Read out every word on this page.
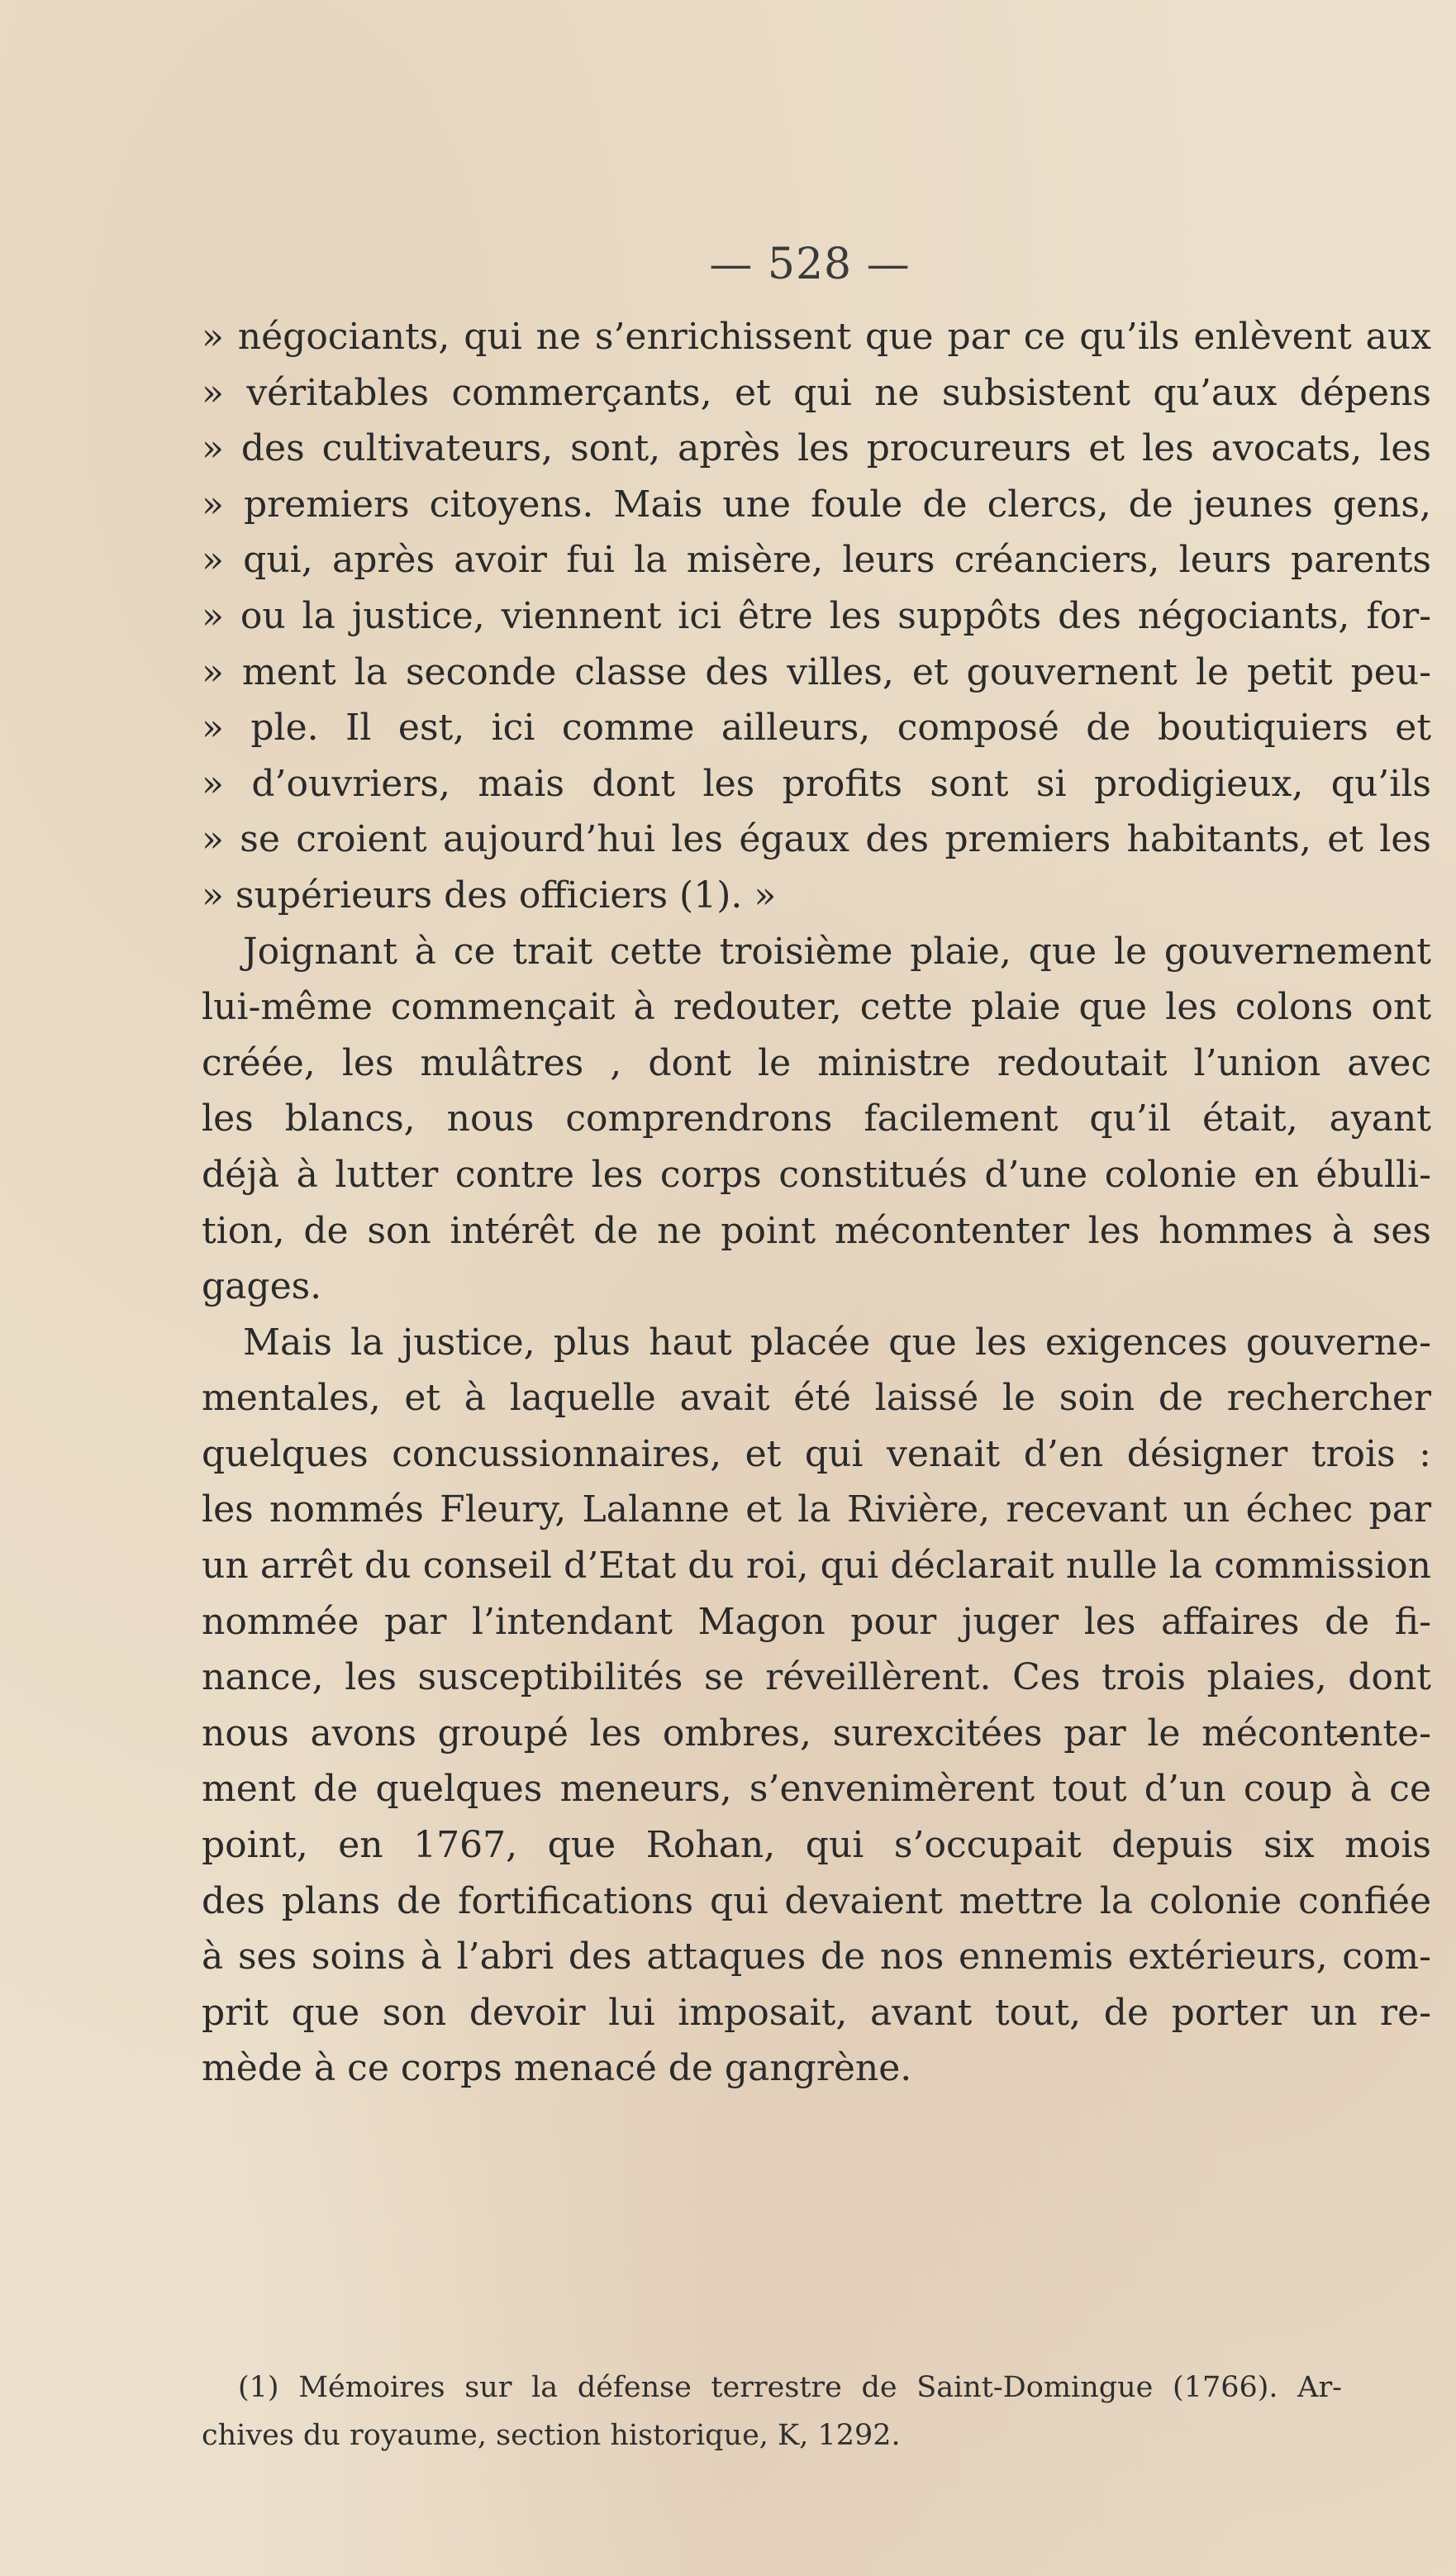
— 528 —
» négociants, qui ne s’enrichissent que par ce qu’ils enlèvent aux
» véritables commerçants, et qui ne subsistent qu’aux dépens
» des cultivateurs, sont, après les procureurs et les avocats, les
» premiers citoyens. Mais une foule de clercs, de jeunes gens,
» qui, après avoir fui la misère, leurs créanciers, leurs parents
» ou la justice, viennent ici être les suppôts des négociants, for-
» ment la seconde classe des villes, et gouvernent le petit peu-
» ple. Il est, ici comme ailleurs, composé de boutiquiers et
» d’ouvriers, mais dont les profits sont si prodigieux, qu’ils
» se croient aujourd’hui les égaux des premiers habitants, et les
» supérieurs des officiers (1). »
Joignant à ce trait cette troisième plaie, que le gouvernement
lui-même commençait à redouter, cette plaie que les colons ont
créée, les mulâtres , dont le ministre redoutait l’union avec
les blancs, nous comprendrons facilement qu’il était, ayant
déjà à lutter contre les corps constitués d’une colonie en ébulli-
tion, de son intérêt de ne point mécontenter les hommes à ses
gages.
Mais la justice, plus haut placée que les exigences gouverne-
mentales, et à laquelle avait été laissé le soin de rechercher
quelques concussionnaires, et qui venait d’en désigner trois :
les nommés Fleury, Lalanne et la Rivière, recevant un échec par
un arrêt du conseil d’Etat du roi, qui déclarait nulle la commission
nommée par l’intendant Magon pour juger les affaires de fi-
nance, les susceptibilités se réveillèrent. Ces trois plaies, dont
nous avons groupé les ombres, surexcitées par le méconte̶nte-
ment de quelques meneurs, s’envenimèrent tout d’un coup à ce
point, en 1767, que Rohan, qui s’occupait depuis six mois
des plans de fortifications qui devaient mettre la colonie confiée
à ses soins à l’abri des attaques de nos ennemis extérieurs, com-
prit que son devoir lui imposait, avant tout, de porter un re-
mède à ce corps menacé de gangrène.
(1) Mémoires sur la défense terrestre de Saint-Domingue (1766). Ar-
chives du royaume, section historique, K, 1292.
